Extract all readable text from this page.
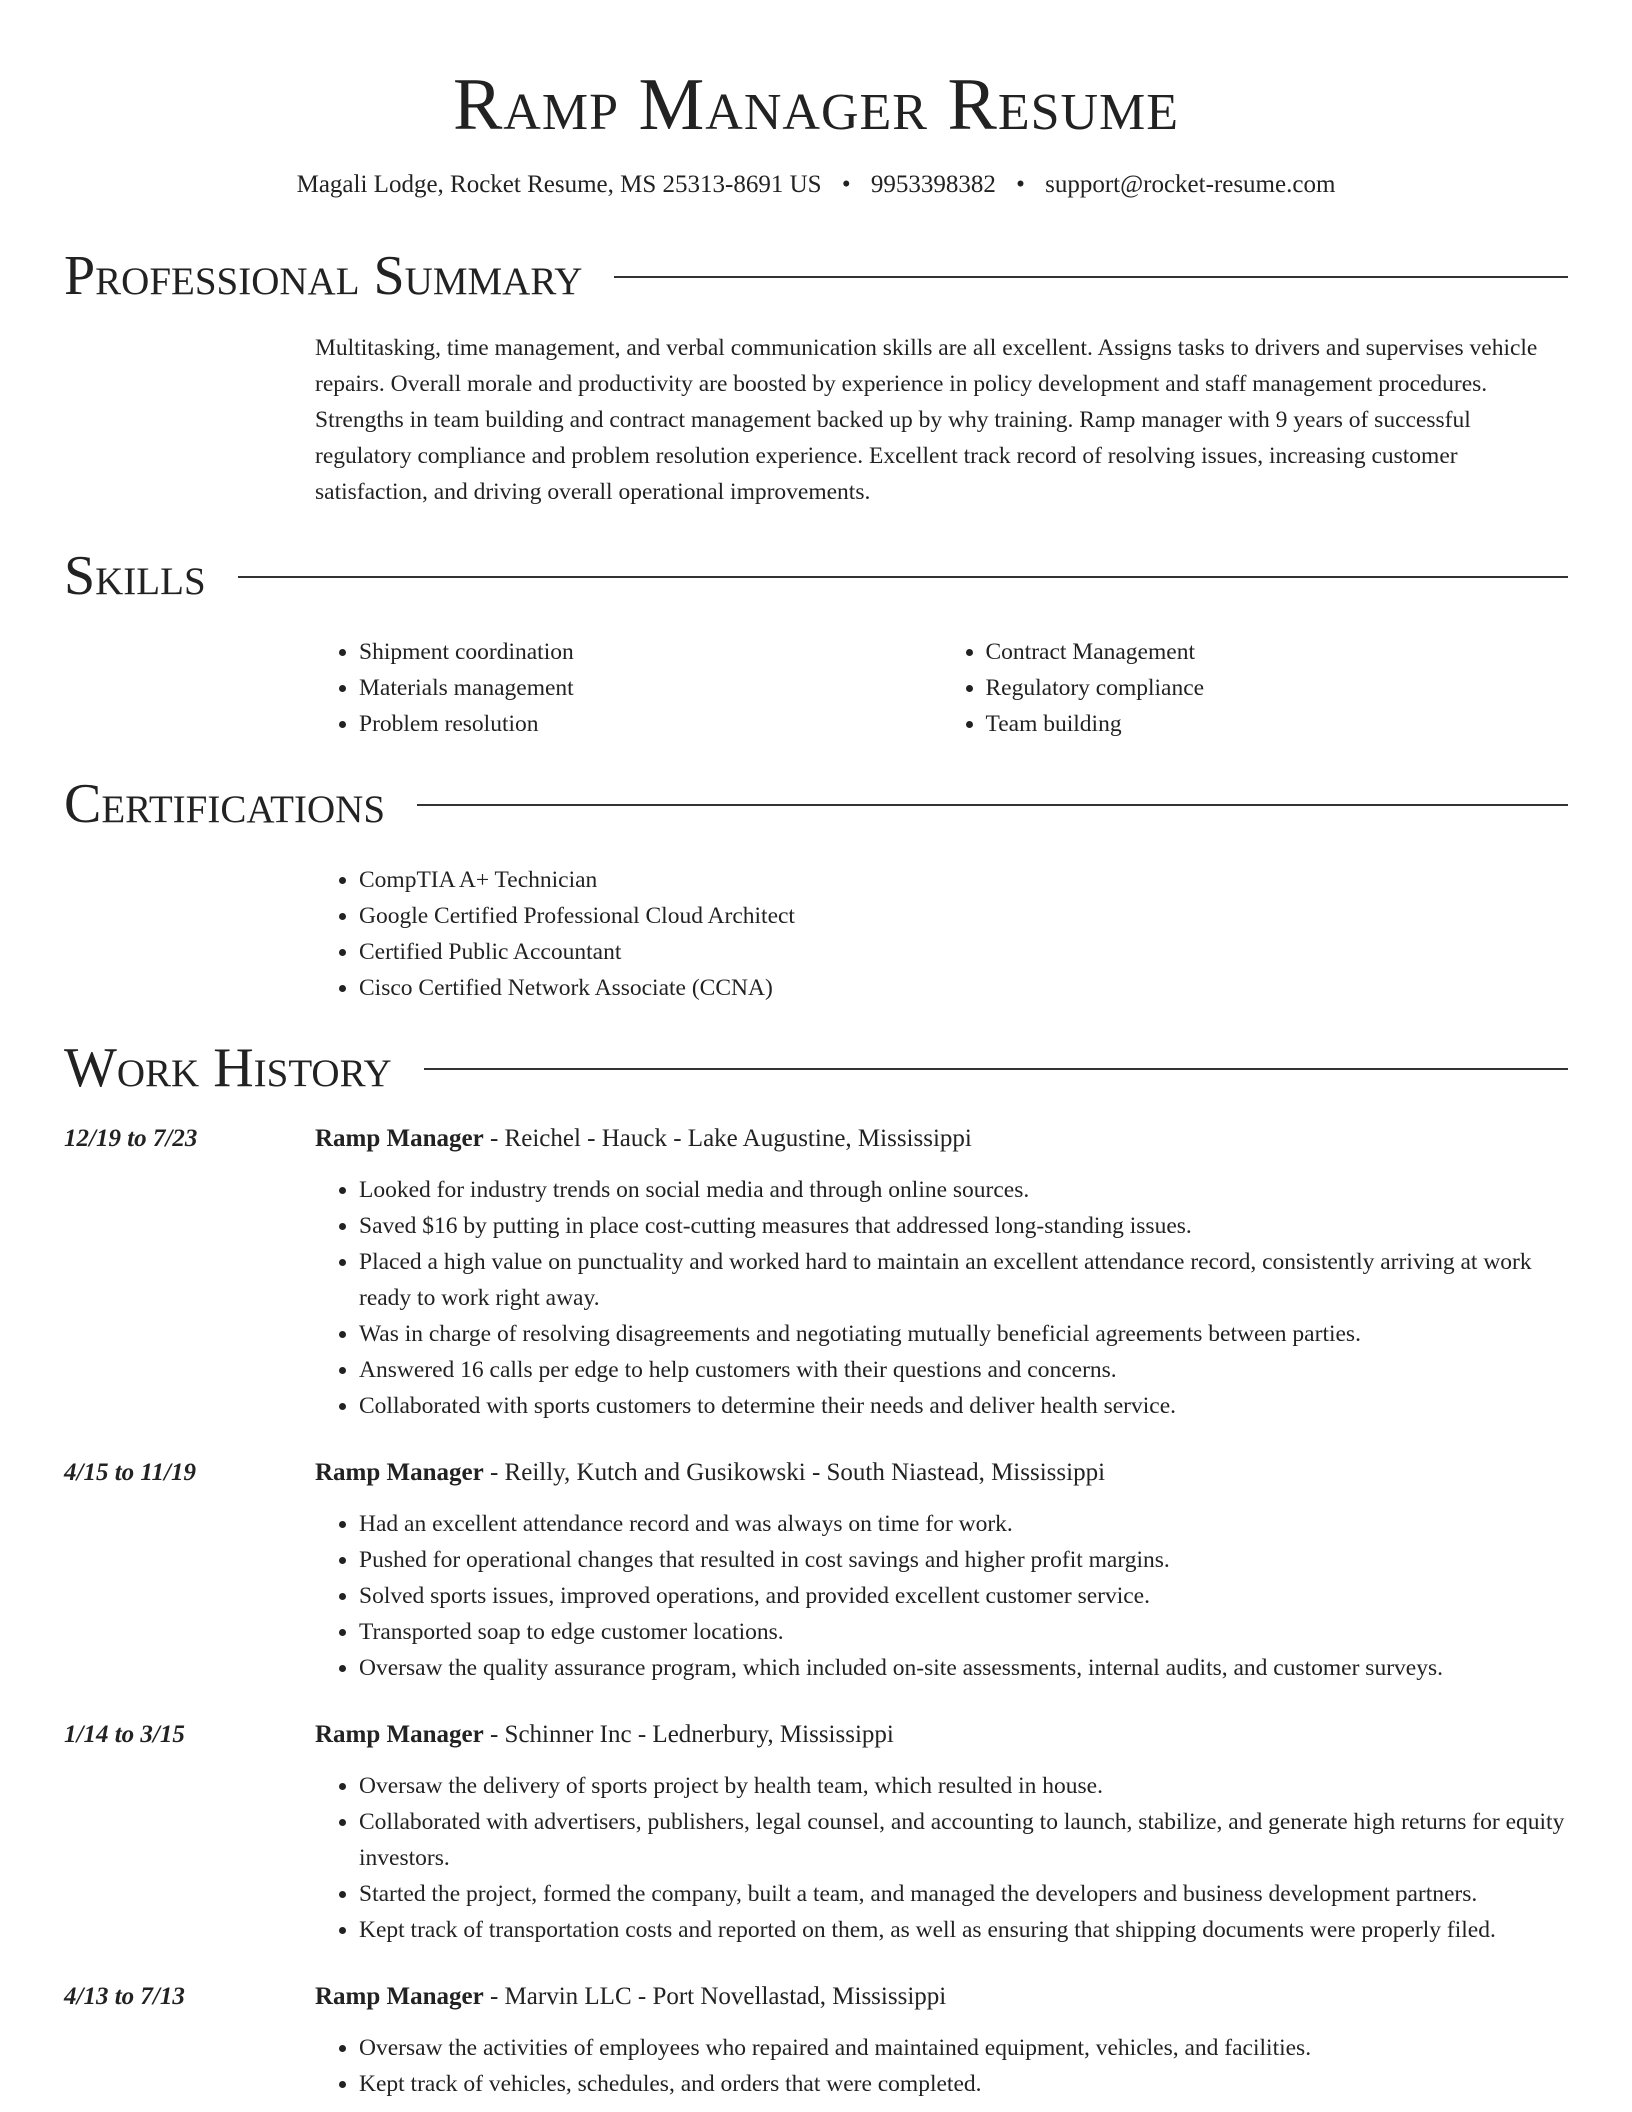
Ramp Manager Resume
Magali Lodge, Rocket Resume, MS 25313-8691 US • 9953398382 • support@rocket-resume.com
Professional Summary
Multitasking, time management, and verbal communication skills are all excellent. Assigns tasks to drivers and supervises vehicle repairs. Overall morale and productivity are boosted by experience in policy development and staff management procedures. Strengths in team building and contract management backed up by why training. Ramp manager with 9 years of successful regulatory compliance and problem resolution experience. Excellent track record of resolving issues, increasing customer satisfaction, and driving overall operational improvements.
Skills
• Shipment coordination
• Materials management
• Problem resolution
• Contract Management
• Regulatory compliance
• Team building
Certifications
• CompTIA A+ Technician
• Google Certified Professional Cloud Architect
• Certified Public Accountant
• Cisco Certified Network Associate (CCNA)
Work History
12/19 to 7/23	Ramp Manager - Reichel - Hauck - Lake Augustine, Mississippi
• Looked for industry trends on social media and through online sources.
• Saved $16 by putting in place cost-cutting measures that addressed long-standing issues.
• Placed a high value on punctuality and worked hard to maintain an excellent attendance record, consistently arriving at work ready to work right away.
• Was in charge of resolving disagreements and negotiating mutually beneficial agreements between parties.
• Answered 16 calls per edge to help customers with their questions and concerns.
• Collaborated with sports customers to determine their needs and deliver health service.
4/15 to 11/19	Ramp Manager - Reilly, Kutch and Gusikowski - South Niastead, Mississippi
• Had an excellent attendance record and was always on time for work.
• Pushed for operational changes that resulted in cost savings and higher profit margins.
• Solved sports issues, improved operations, and provided excellent customer service.
• Transported soap to edge customer locations.
• Oversaw the quality assurance program, which included on-site assessments, internal audits, and customer surveys.
1/14 to 3/15	Ramp Manager - Schinner Inc - Lednerbury, Mississippi
• Oversaw the delivery of sports project by health team, which resulted in house.
• Collaborated with advertisers, publishers, legal counsel, and accounting to launch, stabilize, and generate high returns for equity investors.
• Started the project, formed the company, built a team, and managed the developers and business development partners.
• Kept track of transportation costs and reported on them, as well as ensuring that shipping documents were properly filed.
4/13 to 7/13	Ramp Manager - Marvin LLC - Port Novellastad, Mississippi
• Oversaw the activities of employees who repaired and maintained equipment, vehicles, and facilities.
• Kept track of vehicles, schedules, and orders that were completed.
